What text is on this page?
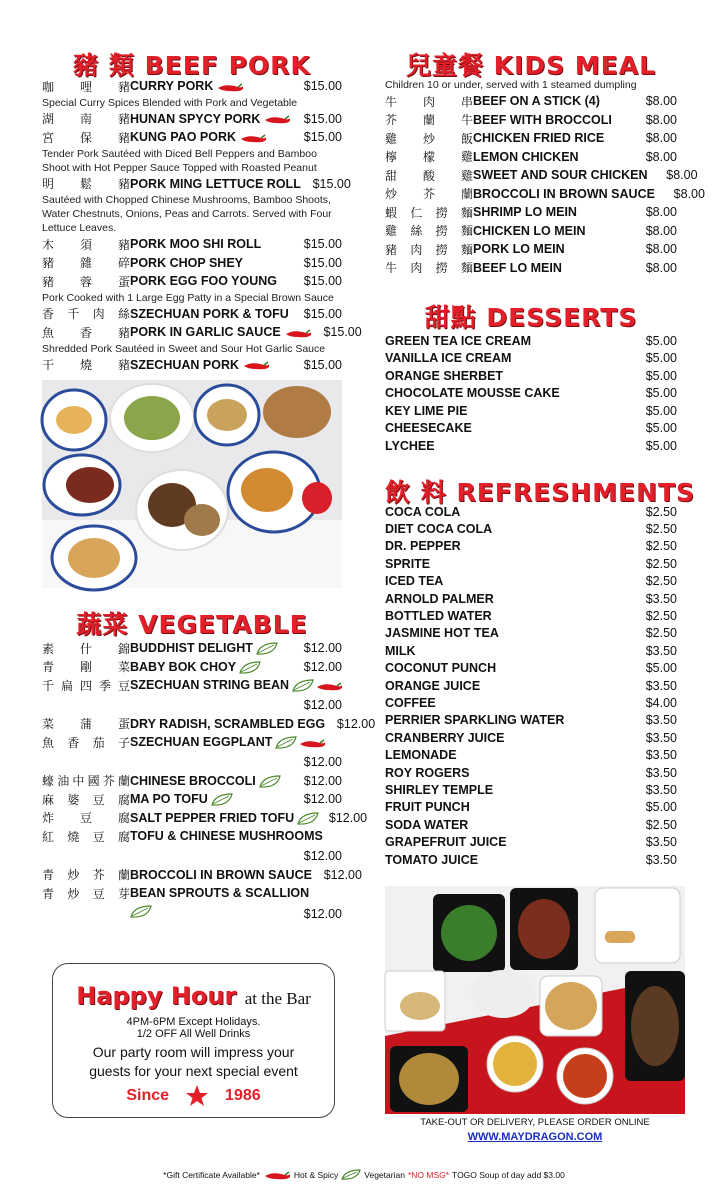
豬 類 BEEF PORK
咖 哩 豬 CURRY PORK	$15.00
Special Curry Spices Blended with Pork and Vegetable
湖 南 豬 HUNAN SPYCY PORK	$15.00
宮 保 豬 KUNG PAO PORK	$15.00
Tender Pork Sautéed with Diced Bell Peppers and Bamboo Shoot with Hot Pepper Sauce Topped with Roasted Peanut
明 鬆 豬 PORK MING LETTUCE ROLL $15.00
Sautéed with Chopped Chinese Mushrooms, Bamboo Shoots, Water Chestnuts, Onions, Peas and Carrots. Served with Four Lettuce Leaves.
木 須 豬 PORK MOO SHI ROLL	$15.00
豬 雜 碎 PORK CHOP SHEY	$15.00
豬 蓉 蛋 PORK EGG FOO YOUNG	$15.00
Pork Cooked with 1 Large Egg Patty in a Special Brown Sauce
香 千 肉 絲 SZECHUAN PORK & TOFU	$15.00
魚 香 豬 PORK IN GARLIC SAUCE	$15.00
Shredded Pork Sautéed in Sweet and Sour Hot Garlic Sauce
干 燒 豬 SZECHUAN PORK	$15.00
蔬菜 VEGETABLE
素 什 錦 BUDDHIST DELIGHT	$12.00
青 剛 菜 BABY BOK CHOY	$12.00
千 扁 四 季 豆 SZECHUAN STRING BEAN
$12.00
菜 蒲 蛋 DRY RADISH, SCRAMBLED EGG $12.00
魚 香 茄 子 SZECHUAN EGGPLANT
$12.00
蠔 油 中 國 芥 蘭 CHINESE BROCCOLI	$12.00
麻 婆 豆 腐 MA PO TOFU	$12.00
炸 豆 腐 SALT PEPPER FRIED TOFU	$12.00
紅 燒 豆 腐 TOFU & CHINESE MUSHROOMS
$12.00
青 炒 芥 蘭 BROCCOLI IN BROWN SAUCE $12.00
青 炒 豆 芽 BEAN SPROUTS & SCALLION
$12.00
Happy Hour at the Bar
4PM-6PM Except Holidays.
1/2 OFF All Well Drinks
Our party room will impress your
guests for your next special event
Since	1986
兒童餐 KIDS MEAL
Children 10 or under, served with 1 steamed dumpling
牛 肉 串 BEEF ON A STICK (4)	$8.00
芥 蘭 牛 BEEF WITH BROCCOLI	$8.00
雞 炒 飯 CHICKEN FRIED RICE	$8.00
檸 檬 雞 LEMON CHICKEN	$8.00
甜 酸 雞 SWEET AND SOUR CHICKEN	$8.00
炒 芥 蘭 BROCCOLI IN BROWN SAUCE	$8.00
蝦 仁 撈 麵 SHRIMP LO MEIN	$8.00
雞 絲 撈 麵 CHICKEN LO MEIN	$8.00
豬 肉 撈 麵 PORK LO MEIN	$8.00
牛 肉 撈 麵 BEEF LO MEIN	$8.00
甜點 DESSERTS
GREEN TEA ICE CREAM	$5.00
VANILLA ICE CREAM	$5.00
ORANGE SHERBET	$5.00
CHOCOLATE MOUSSE CAKE	$5.00
KEY LIME PIE	$5.00
CHEESECAKE	$5.00
LYCHEE	$5.00
飲 料 REFRESHMENTS
COCA COLA	$2.50
DIET COCA COLA	$2.50
DR. PEPPER	$2.50
SPRITE	$2.50
ICED TEA	$2.50
ARNOLD PALMER	$3.50
BOTTLED WATER	$2.50
JASMINE HOT TEA	$2.50
MILK	$3.50
COCONUT PUNCH	$5.00
ORANGE JUICE	$3.50
COFFEE	$4.00
PERRIER SPARKLING WATER	$3.50
CRANBERRY JUICE	$3.50
LEMONADE	$3.50
ROY ROGERS	$3.50
SHIRLEY TEMPLE	$3.50
FRUIT PUNCH	$5.00
SODA WATER	$2.50
GRAPEFRUIT JUICE	$3.50
TOMATO JUICE	$3.50
TAKE-OUT OR DELIVERY, PLEASE ORDER ONLINE
WWW.MAYDRAGON.COM
*Gift Certificate Available*	Hot & Spicy	Vegetarian *NO MSG* TOGO Soup of day add $3.00
